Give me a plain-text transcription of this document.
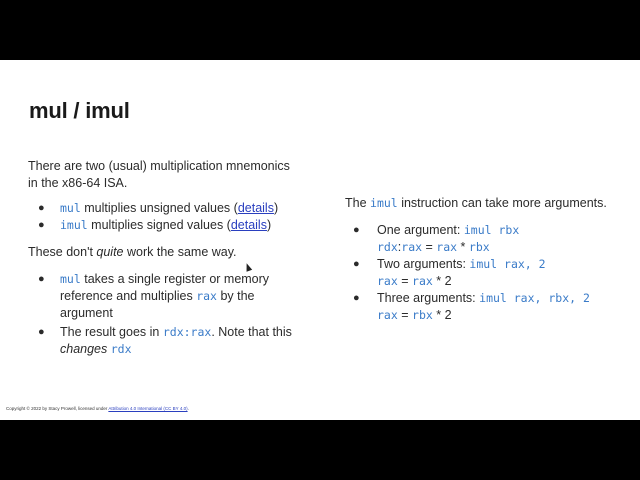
mul / imul

There are two (usual) multiplication mnemonics in the x86-64 ISA.

● mul multiplies unsigned values (details)
● imul multiplies signed values (details)

These don't quite work the same way.

● mul takes a single register or memory reference and multiplies rax by the argument
● The result goes in rdx:rax. Note that this changes rdx

The imul instruction can take more arguments.

● One argument: imul rbx
rdx:rax = rax * rbx
● Two arguments: imul rax, 2
rax = rax * 2
● Three arguments: imul rax, rbx, 2
rax = rbx * 2
Copyright © 2022 by Stacy Prowell, licensed under Attribution 4.0 International (CC BY 4.0).
